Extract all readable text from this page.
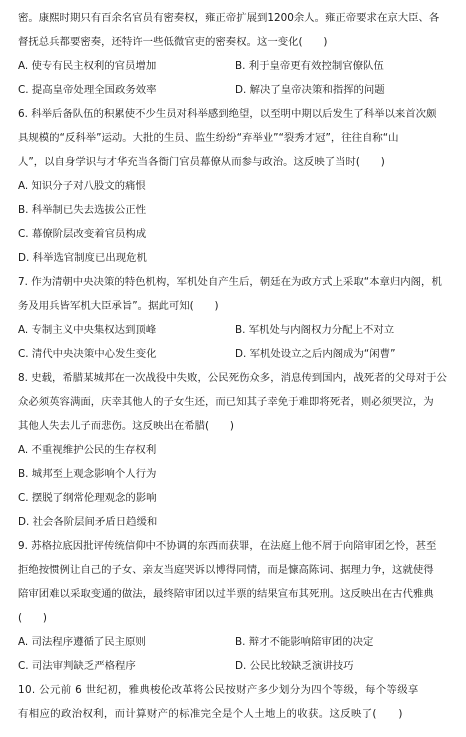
密。康熙时期只有百余名官员有密奏权，雍正帝扩展到1200余人。雍正帝要求在京大臣、各
督抚总兵都要密奏，还特许一些低微官吏的密奏权。这一变化(　　)
A. 使专有民主权利的官员增加	B. 利于皇帝更有效控制官僚队伍
C. 提高皇帝处理全国政务效率	D. 解决了皇帝决策和指挥的问题
6. 科举后备队伍的积累使不少生员对科举感到绝望，以至明中期以后发生了科举以来首次颇
具规模的“反科举”运动。大批的生员、监生纷纷“弃举业”“裂秀才冠”，往往自称“山
人”，以自身学识与才华充当各衙门官员幕僚从而参与政治。这反映了当时(　　)
A. 知识分子对八股文的痛恨
B. 科举制已失去选拔公正性
C. 幕僚阶层改变着官员构成
D. 科举选官制度已出现危机
7. 作为清朝中央决策的特色机构，军机处自产生后，朝廷在为政方式上采取“本章归内阁，机
务及用兵皆军机大臣承旨”。据此可知(　　)
A. 专制主义中央集权达到顶峰	B. 军机处与内阁权力分配上不对立
C. 清代中央决策中心发生变化	D. 军机处设立之后内阁成为“闲曹”
8. 史载，希腊某城邦在一次战役中失败，公民死伤众多，消息传到国内，战死者的父母对于公
众必须英容满面，庆幸其他人的子女生还，而已知其子幸免于难即将死者，则必须哭泣，为
其他人失去儿子而悲伤。这反映出在希腊(　　)
A. 不重视维护公民的生存权利
B. 城邦至上观念影响个人行为
C. 摆脱了纲常伦理观念的影响
D. 社会各阶层间矛盾日趋缓和
9. 苏格拉底因批评传统信仰中不协调的东西而获罪，在法庭上他不屑于向陪审团乞怜，甚至
拒绝按惯例让自己的子女、亲友当庭哭诉以博得同情，而是慷高陈词、据理力争，这就使得
陪审团难以采取变通的做法，最终陪审团以过半票的结果宣布其死刑。这反映出在古代雅典
(　　)
A. 司法程序遵循了民主原则	B. 辩才不能影响陪审团的决定
C. 司法审判缺乏严格程序	D. 公民比较缺乏演讲技巧
10. 公元前 6 世纪初，雅典梭伦改革将公民按财产多少划分为四个等级，每个等级享
有相应的政治权利，而计算财产的标准完全是个人土地上的收获。这反映了(　　)
